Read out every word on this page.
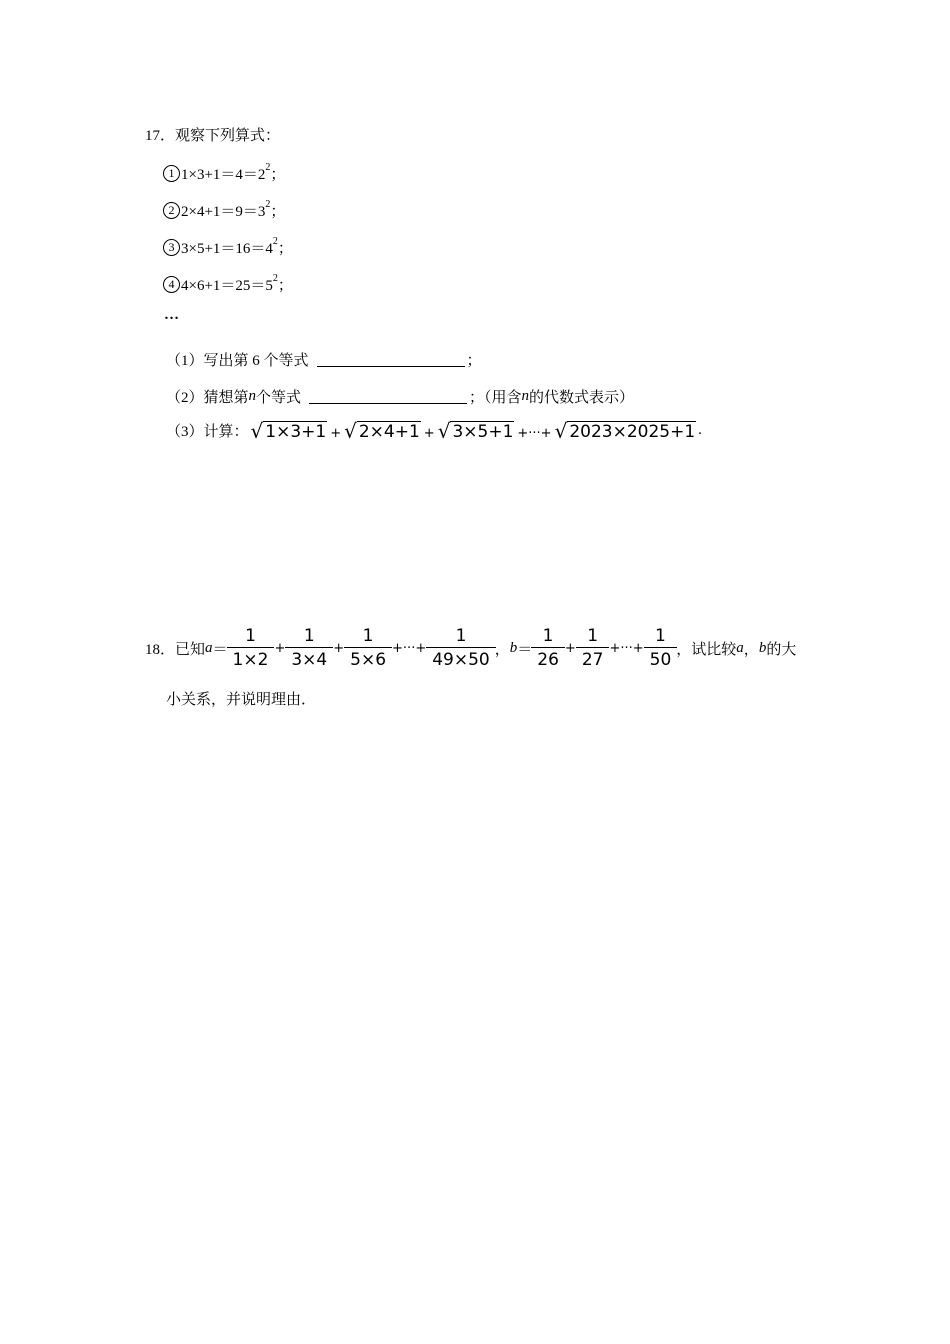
17． 观察下列算式：
1 1×3+1＝4＝2 2 ；
2 2×4+1＝9＝3 2 ；
3 3×5+1＝16＝4 2 ；
4 4×6+1＝25＝5 2 ；
…
（1）写出第 6 个等式	；
（2）猜想第 n 个等式	；（用含 n 的代数式表示）
（3）计算： √ 1×3+1 + √ 2×4+1 + √ 3×5+1 +···+ √ 2023×2025+1 .
18． 已知 $a = \frac{1}{1\times 2} + \frac{1}{3\times 4} + \frac{1}{5\times 6}$ +···+ $\frac{1}{49\times 50}$ ， $b = \frac{1}{26} + \frac{1}{27}$ +···+ $\frac{1}{50}$ ，试比较 a ， b 的大
小关系，并说明理由．
